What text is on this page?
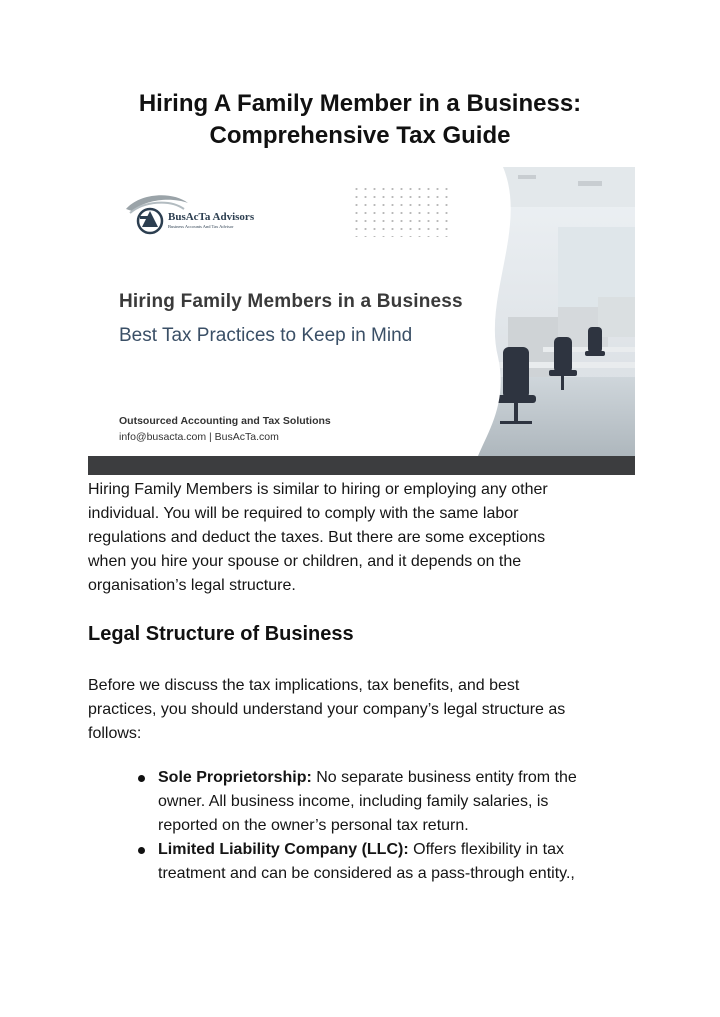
Hiring A Family Member in a Business:
Comprehensive Tax Guide
BusAcTa Advisors
Business Accounts And Tax Advisor
Hiring Family Members in a Business
Best Tax Practices to Keep in Mind
Outsourced Accounting and Tax Solutions
info@busacta.com | BusAcTa.com
Hiring Family Members is similar to hiring or employing any other
individual. You will be required to comply with the same labor
regulations and deduct the taxes. But there are some exceptions
when you hire your spouse or children, and it depends on the
organisation’s legal structure.
Legal Structure of Business
Before we discuss the tax implications, tax benefits, and best
practices, you should understand your company’s legal structure as
follows:
Sole Proprietorship: No separate business entity from the
owner. All business income, including family salaries, is
reported on the owner’s personal tax return.
Limited Liability Company (LLC): Offers flexibility in tax
treatment and can be considered as a pass-through entity.,
